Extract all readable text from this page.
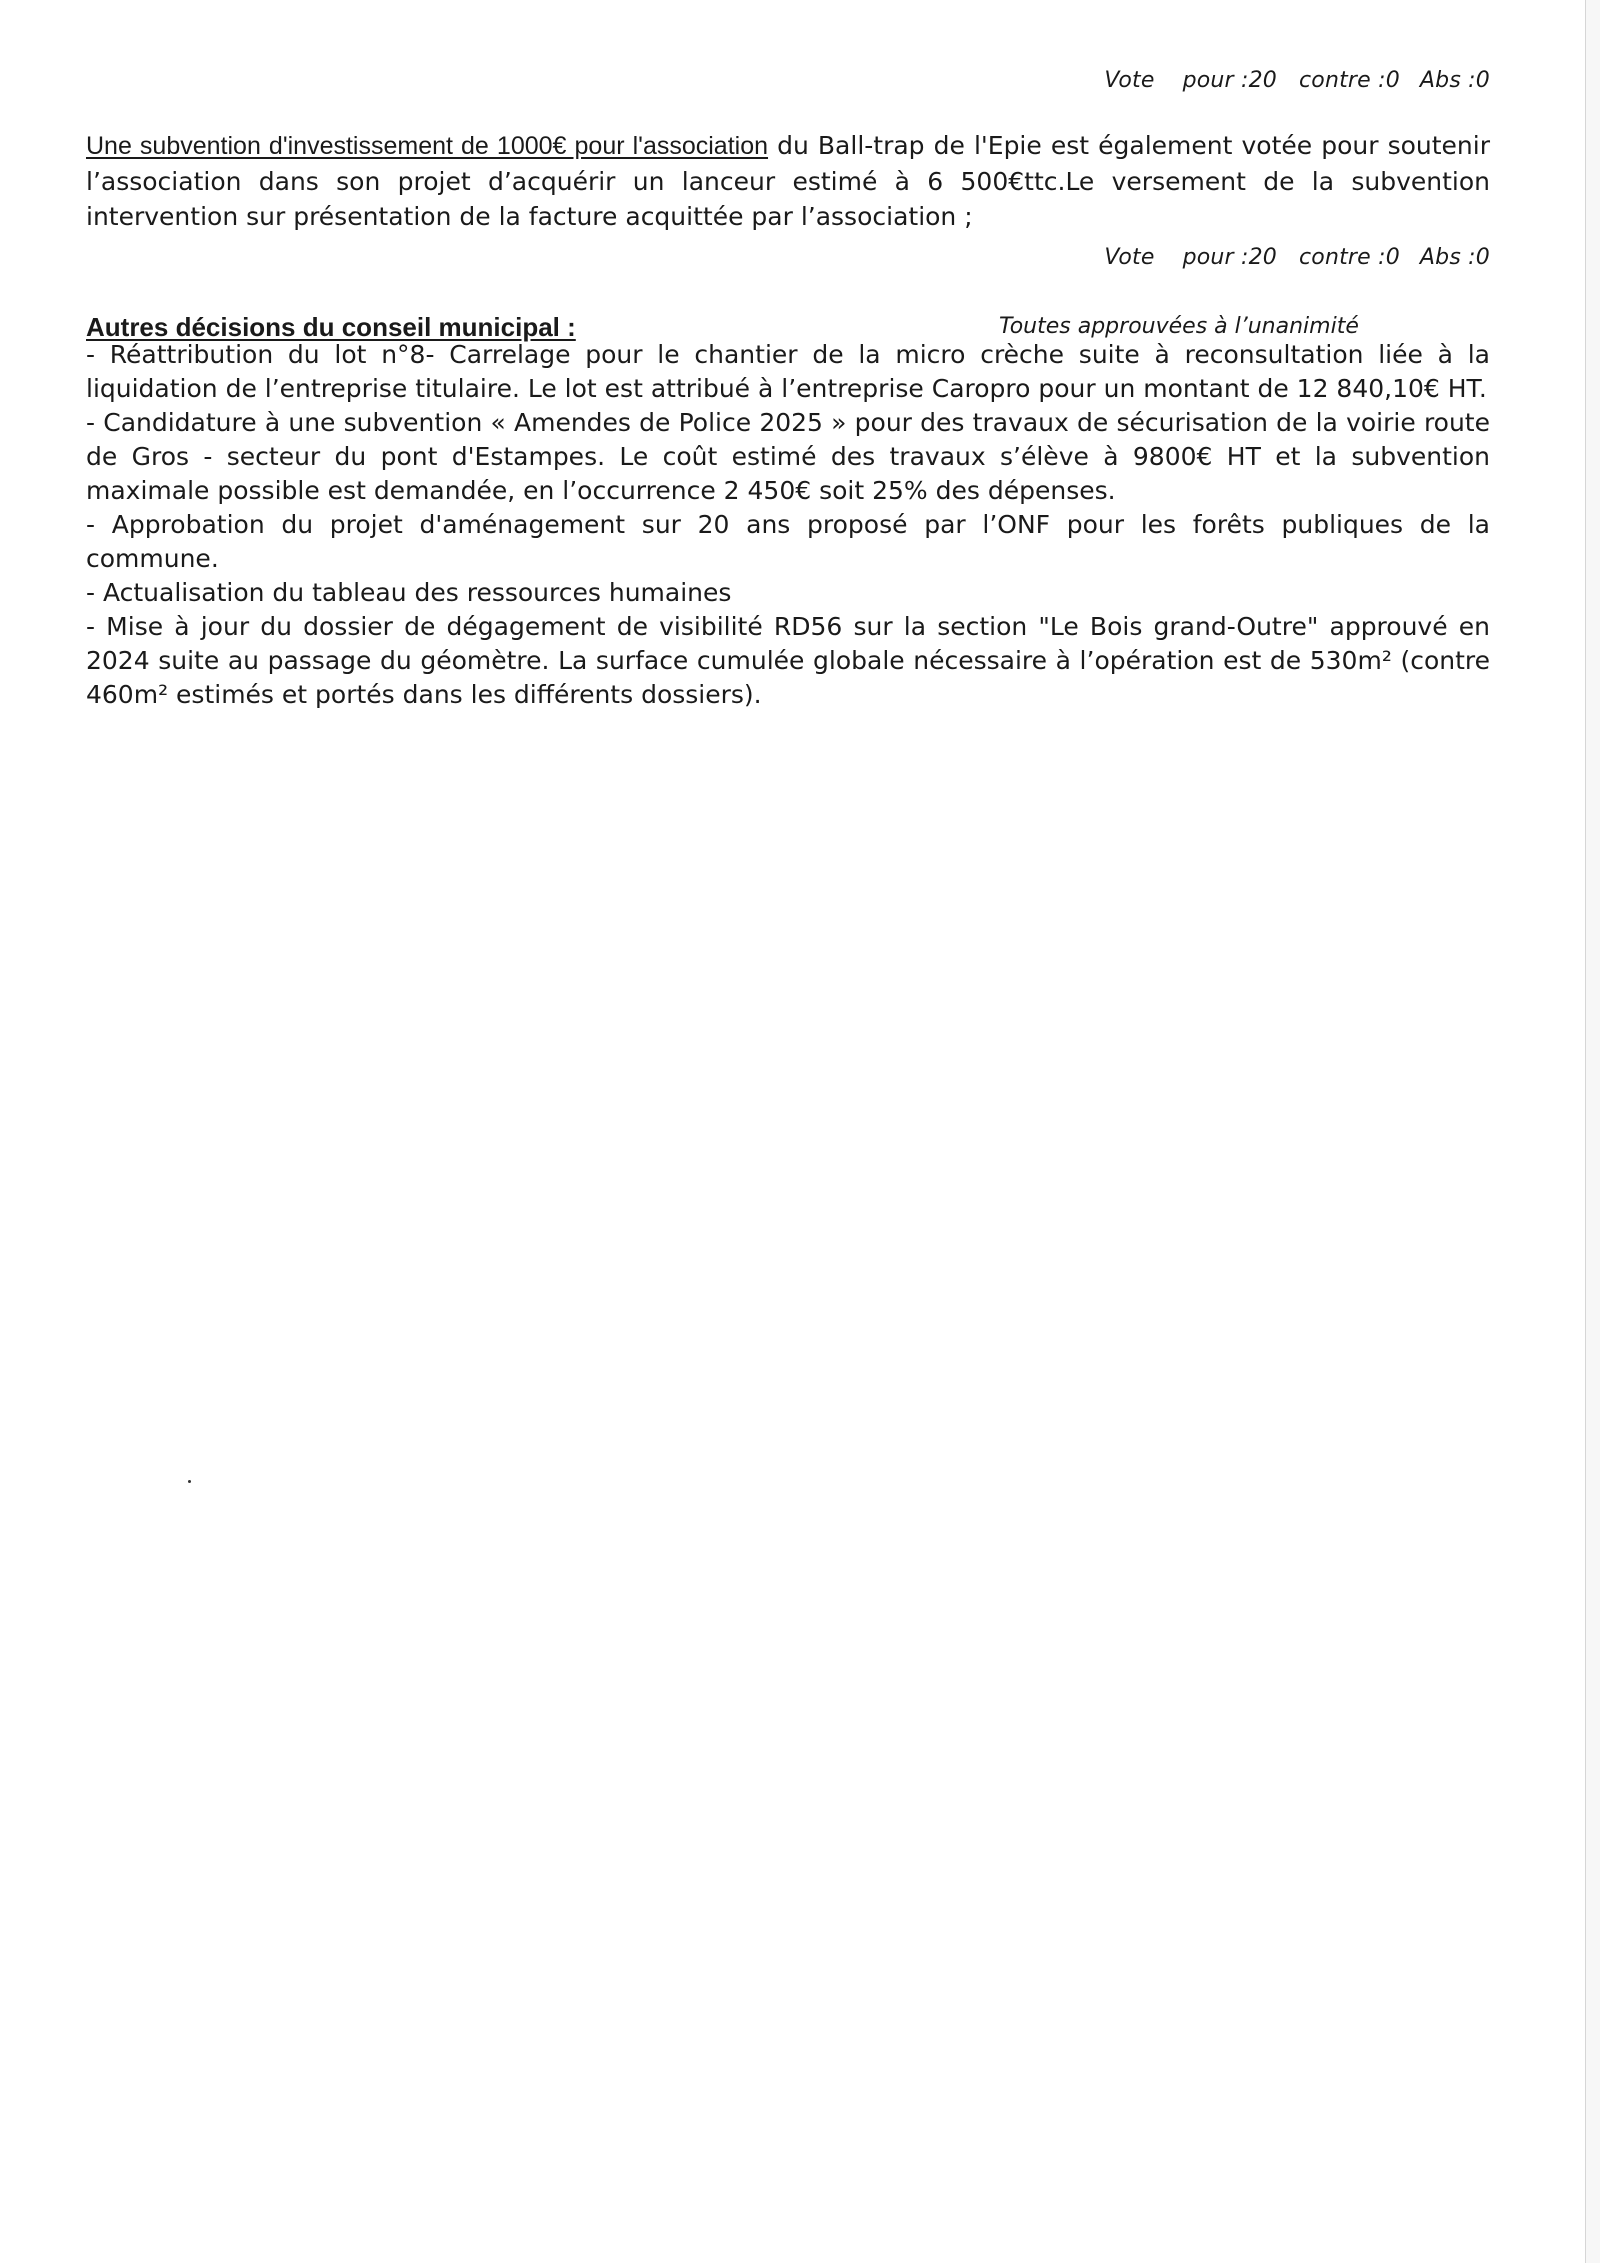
Vote pour :20 contre :0 Abs :0

Une subvention d'investissement de 1000€ pour l'association du Ball-trap de l'Epie est également votée pour soutenir l’association dans son projet d’acquérir un lanceur estimé à 6 500€ttc.Le versement de la subvention intervention sur présentation de la facture acquittée par l’association ;

Vote pour :20 contre :0 Abs :0
Autres décisions du conseil municipal :	Toutes approuvées à l’unanimité
- Réattribution du lot n°8- Carrelage pour le chantier de la micro crèche suite à reconsultation liée à la liquidation de l’entreprise titulaire. Le lot est attribué à l’entreprise Caropro pour un montant de 12 840,10€ HT.
- Candidature à une subvention « Amendes de Police 2025 » pour des travaux de sécurisation de la voirie route de Gros - secteur du pont d'Estampes. Le coût estimé des travaux s’élève à 9800€ HT et la subvention maximale possible est demandée, en l’occurrence 2 450€ soit 25% des dépenses.
- Approbation du projet d'aménagement sur 20 ans proposé par l’ONF pour les forêts publiques de la commune.
- Actualisation du tableau des ressources humaines
- Mise à jour du dossier de dégagement de visibilité RD56 sur la section "Le Bois grand-Outre" approuvé en 2024 suite au passage du géomètre. La surface cumulée globale nécessaire à l’opération est de 530m² (contre 460m² estimés et portés dans les différents dossiers).
